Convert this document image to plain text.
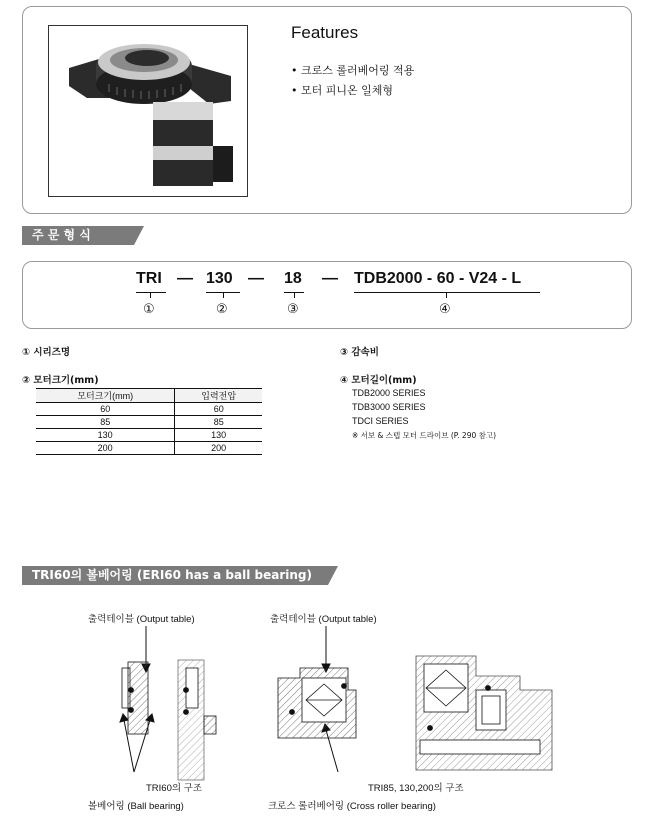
Features
• 크로스 롤러베어링 적용
• 모터 피니온 일체형
주 문 형 식
TRI — 130 — 18 — TDB2000 - 60 - V24 - L
①	②	③	④
① 시리즈명	③ 감속비
② 모터크기(mm)	④ 모터길이(mm)
모터크기(mm)	입력전압
60	60
85	85
130	130
200	200
TDB2000 SERIES
TDB3000 SERIES
TDCI SERIES
※ 서보 & 스텝 모터 드라이브 (P. 290 참고)
TRI60의 볼베어링 (ERI60 has a ball bearing)
출력테이블 (Output table)	출력테이블 (Output table)
TRI60의 구조
볼베어링 (Ball bearing)
TRI85, 130,200의 구조
크로스 롤러베어링 (Cross roller bearing)
